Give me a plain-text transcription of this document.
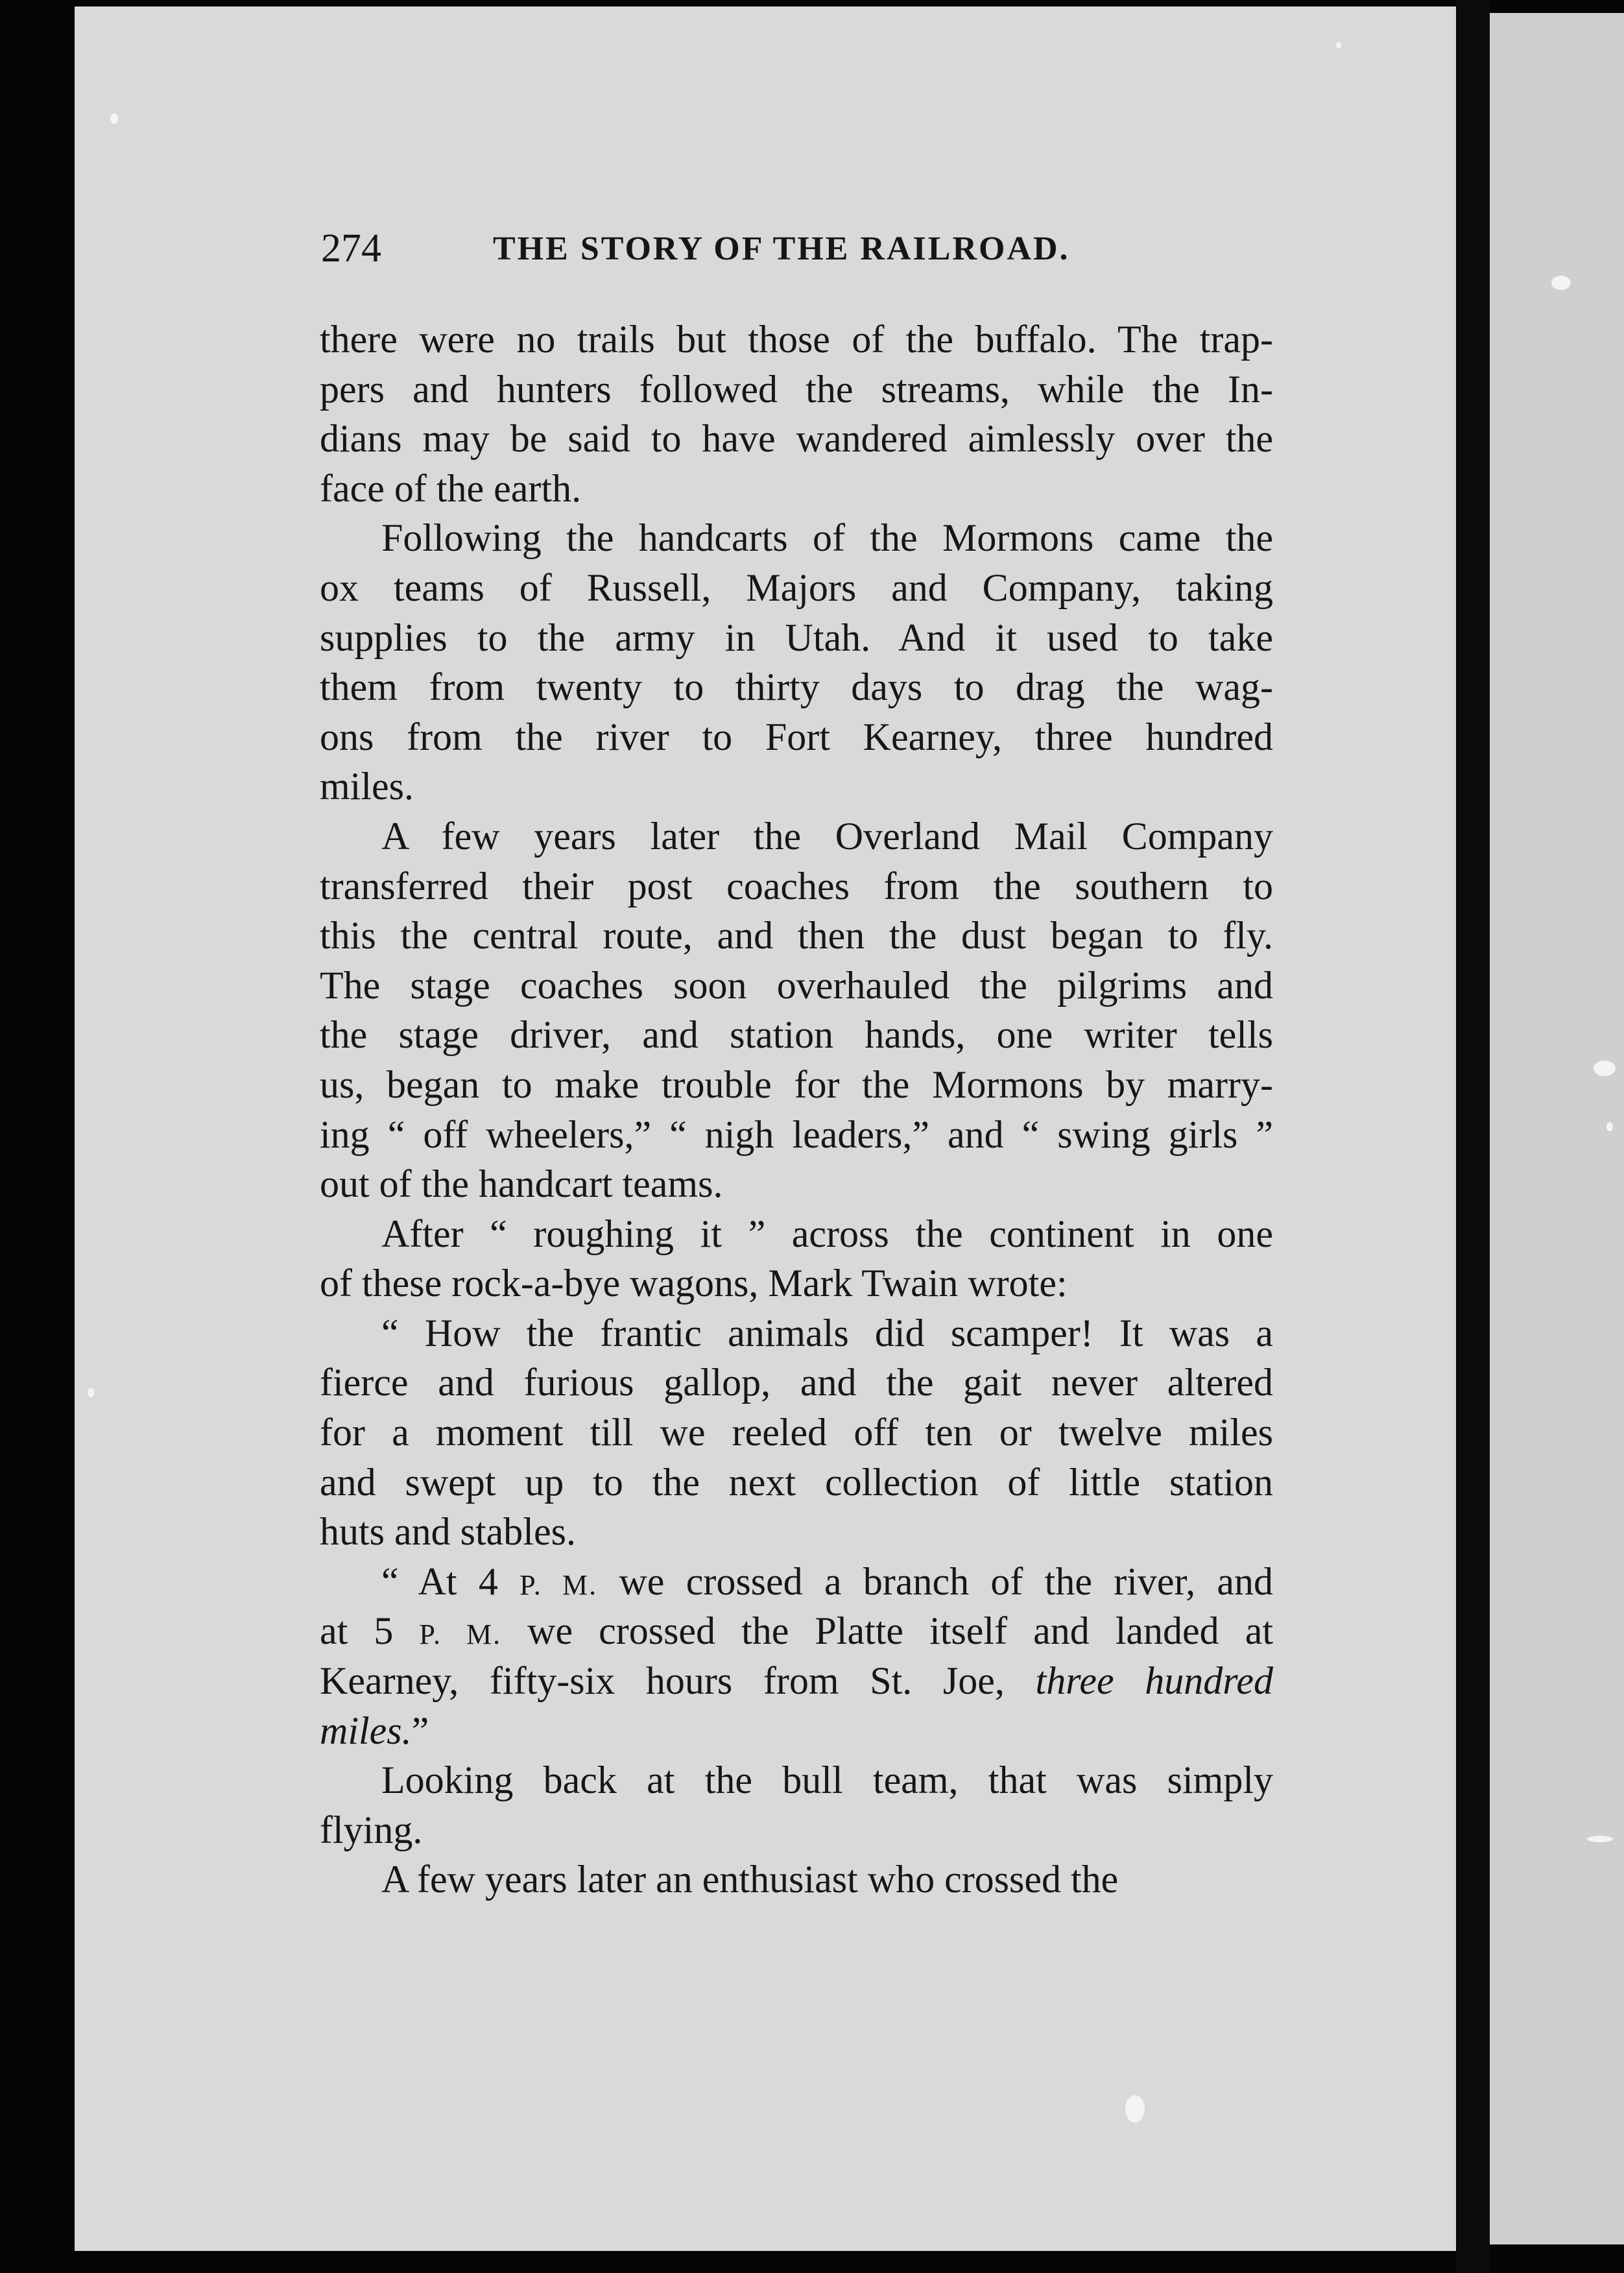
274	THE STORY OF THE RAILROAD.
there were no trails but those of the buffalo. The trap-
pers and hunters followed the streams, while the In-
dians may be said to have wandered aimlessly over the
face of the earth.
Following the handcarts of the Mormons came the
ox teams of Russell, Majors and Company, taking
supplies to the army in Utah. And it used to take
them from twenty to thirty days to drag the wag-
ons from the river to Fort Kearney, three hundred
miles.
A few years later the Overland Mail Company
transferred their post coaches from the southern to
this the central route, and then the dust began to fly.
The stage coaches soon overhauled the pilgrims and
the stage driver, and station hands, one writer tells
us, began to make trouble for the Mormons by marry-
ing “ off wheelers,” “ nigh leaders,” and “ swing girls ”
out of the handcart teams.
After “ roughing it ” across the continent in one
of these rock-a-bye wagons, Mark Twain wrote:
“ How the frantic animals did scamper! It was a
fierce and furious gallop, and the gait never altered
for a moment till we reeled off ten or twelve miles
and swept up to the next collection of little station
huts and stables.
“ At 4 P. M. we crossed a branch of the river, and
at 5 P. M. we crossed the Platte itself and landed at
Kearney, fifty-six hours from St. Joe, three hundred
miles.”
Looking back at the bull team, that was simply
flying.
A few years later an enthusiast who crossed the
